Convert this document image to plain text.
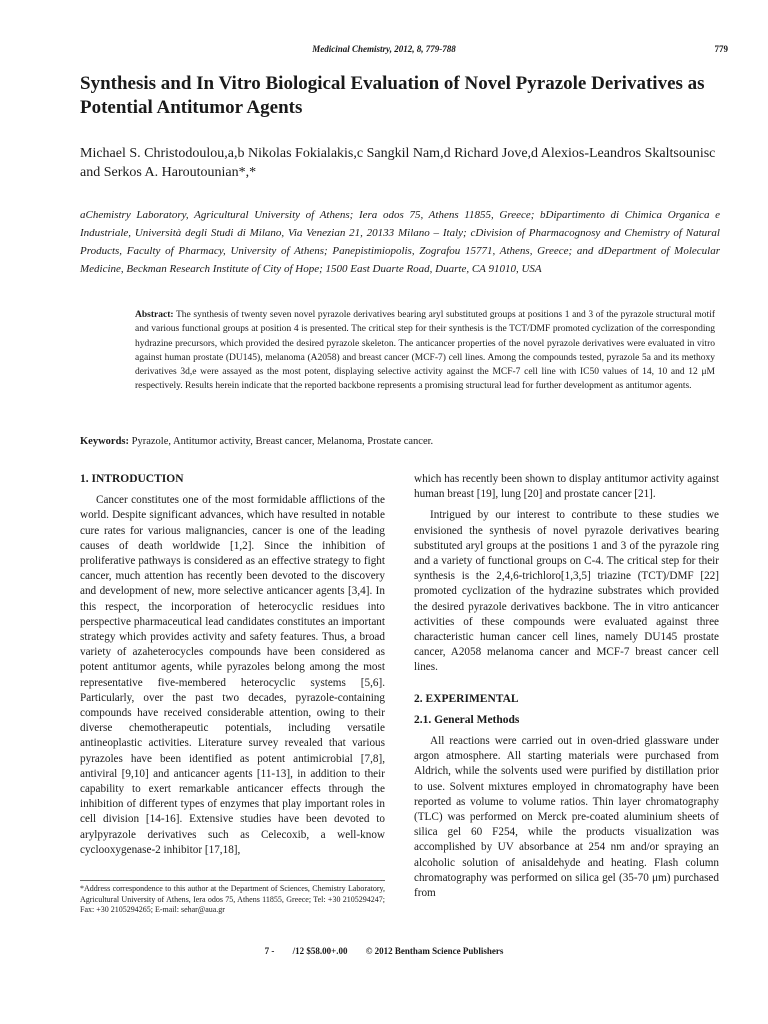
Medicinal Chemistry, 2012, 8, 779-788	779
Synthesis and In Vitro Biological Evaluation of Novel Pyrazole Derivatives as Potential Antitumor Agents
Michael S. Christodoulou,a,b Nikolas Fokialakis,c Sangkil Nam,d Richard Jove,d Alexios-Leandros Skaltsounisc and Serkos A. Haroutounian*,*
aChemistry Laboratory, Agricultural University of Athens; Iera odos 75, Athens 11855, Greece; bDipartimento di Chimica Organica e Industriale, Università degli Studi di Milano, Via Venezian 21, 20133 Milano – Italy; cDivision of Pharmacognosy and Chemistry of Natural Products, Faculty of Pharmacy, University of Athens; Panepistimiopolis, Zografou 15771, Athens, Greece; and dDepartment of Molecular Medicine, Beckman Research Institute of City of Hope; 1500 East Duarte Road, Duarte, CA 91010, USA
Abstract: The synthesis of twenty seven novel pyrazole derivatives bearing aryl substituted groups at positions 1 and 3 of the pyrazole structural motif and various functional groups at position 4 is presented. The critical step for their synthesis is the TCT/DMF promoted cyclization of the corresponding hydrazine precursors, which provided the desired pyrazole skeleton. The anticancer properties of the novel pyrazole derivatives were evaluated in vitro against human prostate (DU145), melanoma (A2058) and breast cancer (MCF-7) cell lines. Among the compounds tested, pyrazole 5a and its methoxy derivatives 3d,e were assayed as the most potent, displaying selective activity against the MCF-7 cell line with IC50 values of 14, 10 and 12 μM respectively. Results herein indicate that the reported backbone represents a promising structural lead for further development as antitumor agents.
Keywords: Pyrazole, Antitumor activity, Breast cancer, Melanoma, Prostate cancer.
1. INTRODUCTION

Cancer constitutes one of the most formidable afflictions of the world. Despite significant advances, which have resulted in notable cure rates for various malignancies, cancer is one of the leading causes of death worldwide [1,2]. Since the inhibition of proliferative pathways is considered as an effective strategy to fight cancer, much attention has recently been devoted to the discovery and development of new, more selective anticancer agents [3,4]. In this respect, the incorporation of heterocyclic residues into perspective pharmaceutical lead candidates constitutes an important strategy which provides activity and safety features. Thus, a broad variety of azaheterocycles compounds have been considered as potent antitumor agents, while pyrazoles belong among the most representative five-membered heterocyclic systems [5,6]. Particularly, over the past two decades, pyrazole-containing compounds have received considerable attention, owing to their diverse chemotherapeutic potentials, including versatile antineoplastic activities. Literature survey revealed that various pyrazoles have been identified as potent antimicrobial [7,8], antiviral [9,10] and anticancer agents [11-13], in addition to their capability to exert remarkable anticancer effects through the inhibition of different types of enzymes that play important roles in cell division [14-16]. Extensive studies have been devoted to arylpyrazole derivatives such as Celecoxib, a well-know cyclooxygenase-2 inhibitor [17,18],

which has recently been shown to display antitumor activity against human breast [19], lung [20] and prostate cancer [21].

Intrigued by our interest to contribute to these studies we envisioned the synthesis of novel pyrazole derivatives bearing substituted aryl groups at the positions 1 and 3 of the pyrazole ring and a variety of functional groups on C-4. The critical step for their synthesis is the 2,4,6-trichloro[1,3,5] triazine (TCT)/DMF [22] promoted cyclization of the hydrazine substrates which provided the desired pyrazole derivatives backbone. The in vitro anticancer activities of these compounds were evaluated against three characteristic human cancer cell lines, namely DU145 prostate cancer, A2058 melanoma cancer and MCF-7 breast cancer cell lines.

2. EXPERIMENTAL
2.1. General Methods

All reactions were carried out in oven-dried glassware under argon atmosphere. All starting materials were purchased from Aldrich, while the solvents used were purified by distillation prior to use. Solvent mixtures employed in chromatography have been reported as volume to volume ratios. Thin layer chromatography (TLC) was performed on Merck pre-coated aluminium sheets of silica gel 60 F254, while the products visualization was accomplished by UV absorbance at 254 nm and/or spraying an alcoholic solution of anisaldehyde and heating. Flash column chromatography was performed on silica gel (35-70 μm) purchased from

*Address correspondence to this author at the Department of Sciences, Chemistry Laboratory, Agricultural University of Athens, Iera odos 75, Athens 11855, Greece; Tel: +30 2105294247; Fax: +30 2105294265; E-mail: sehar@aua.gr
7 - /12 $58.00+.00 © 2012 Bentham Science Publishers
